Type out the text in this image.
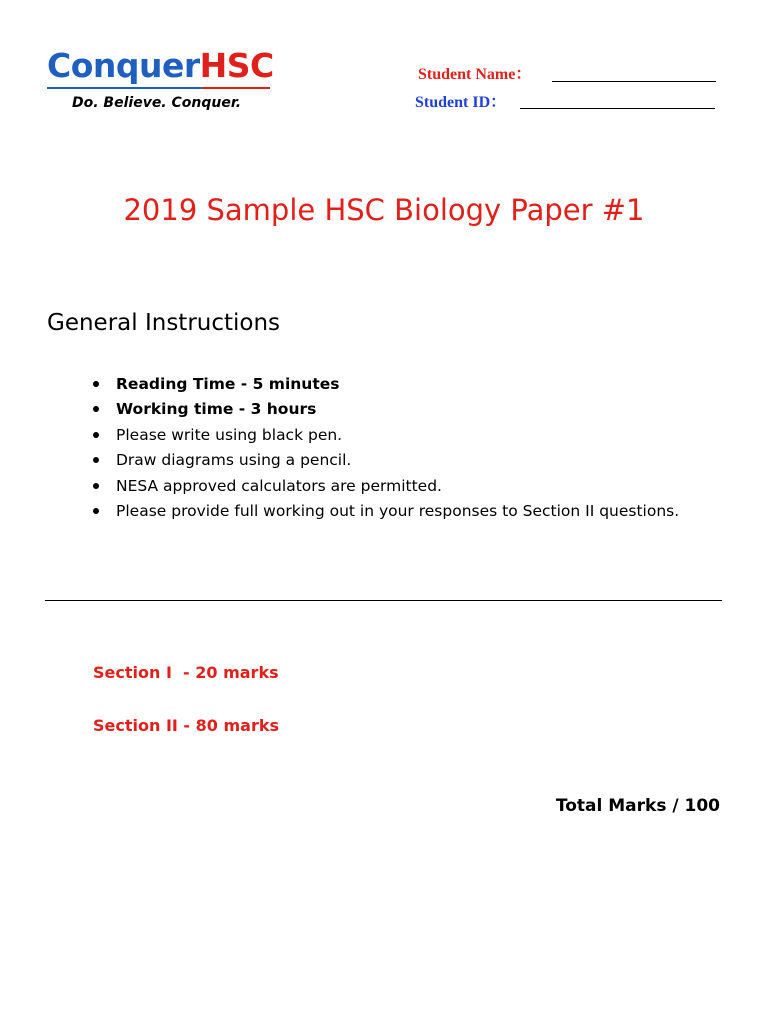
ConquerHSC
Do. Believe. Conquer.
Student Name：
Student ID：
2019 Sample HSC Biology Paper #1
General Instructions
Reading Time - 5 minutes
Working time - 3 hours
Please write using black pen.
Draw diagrams using a pencil.
NESA approved calculators are permitted.
Please provide full working out in your responses to Section II questions.
Section I  - 20 marks
Section II - 80 marks
Total Marks / 100
